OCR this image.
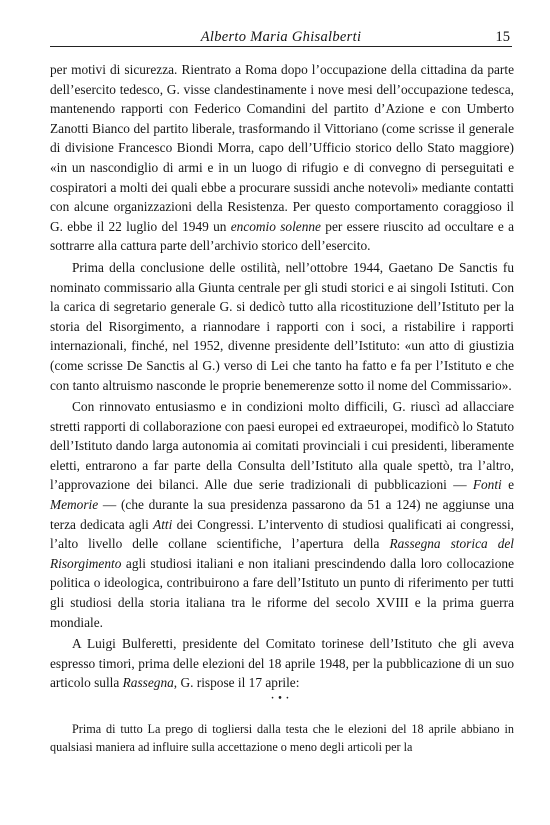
Alberto Maria Ghisalberti	15

per motivi di sicurezza. Rientrato a Roma dopo l’occupazione della cittadina da parte dell’esercito tedesco, G. visse clandestinamente i nove mesi dell’occupazione tedesca, mantenendo rapporti con Federico Comandini del partito d’Azione e con Umberto Zanotti Bianco del partito liberale, trasformando il Vittoriano (come scrisse il generale di divisione Francesco Biondi Morra, capo dell’Ufficio storico dello Stato maggiore) «in un nascondiglio di armi e in un luogo di rifugio e di convegno di perseguitati e cospiratori a molti dei quali ebbe a procurare sussidi anche notevoli» mediante contatti con alcune organizzazioni della Resistenza. Per questo comportamento coraggioso il G. ebbe il 22 luglio del 1949 un encomio solenne per essere riuscito ad occultare e a sottrarre alla cattura parte dell’archivio storico dell’esercito.

Prima della conclusione delle ostilità, nell’ottobre 1944, Gaetano De Sanctis fu nominato commissario alla Giunta centrale per gli studi storici e ai singoli Istituti. Con la carica di segretario generale G. si dedicò tutto alla ricostituzione dell’Istituto per la storia del Risorgimento, a riannodare i rapporti con i soci, a ristabilire i rapporti internazionali, finché, nel 1952, divenne presidente dell’Istituto: «un atto di giustizia (come scrisse De Sanctis al G.) verso di Lei che tanto ha fatto e fa per l’Istituto e che con tanto altruismo nasconde le proprie benemerenze sotto il nome del Commissario».

Con rinnovato entusiasmo e in condizioni molto difficili, G. riuscì ad allacciare stretti rapporti di collaborazione con paesi europei ed extraeuropei, modificò lo Statuto dell’Istituto dando larga autonomia ai comitati provinciali i cui presidenti, liberamente eletti, entrarono a far parte della Consulta dell’Istituto alla quale spettò, tra l’altro, l’approvazione dei bilanci. Alle due serie tradizionali di pubblicazioni — Fonti e Memorie — (che durante la sua presidenza passarono da 51 a 124) ne aggiunse una terza dedicata agli Atti dei Congressi. L’intervento di studiosi qualificati ai congressi, l’alto livello delle collane scientifiche, l’apertura della Rassegna storica del Risorgimento agli studiosi italiani e non italiani prescindendo dalla loro collocazione politica o ideologica, contribuirono a fare dell’Istituto un punto di riferimento per tutti gli studiosi della storia italiana tra le riforme del secolo XVIII e la prima guerra mondiale.

A Luigi Bulferetti, presidente del Comitato torinese dell’Istituto che gli aveva espresso timori, prima delle elezioni del 18 aprile 1948, per la pubblicazione di un suo articolo sulla Rassegna, G. rispose il 17 aprile:

·•·

Prima di tutto La prego di togliersi dalla testa che le elezioni del 18 aprile abbiano in qualsiasi maniera ad influire sulla accettazione o meno degli articoli per la
